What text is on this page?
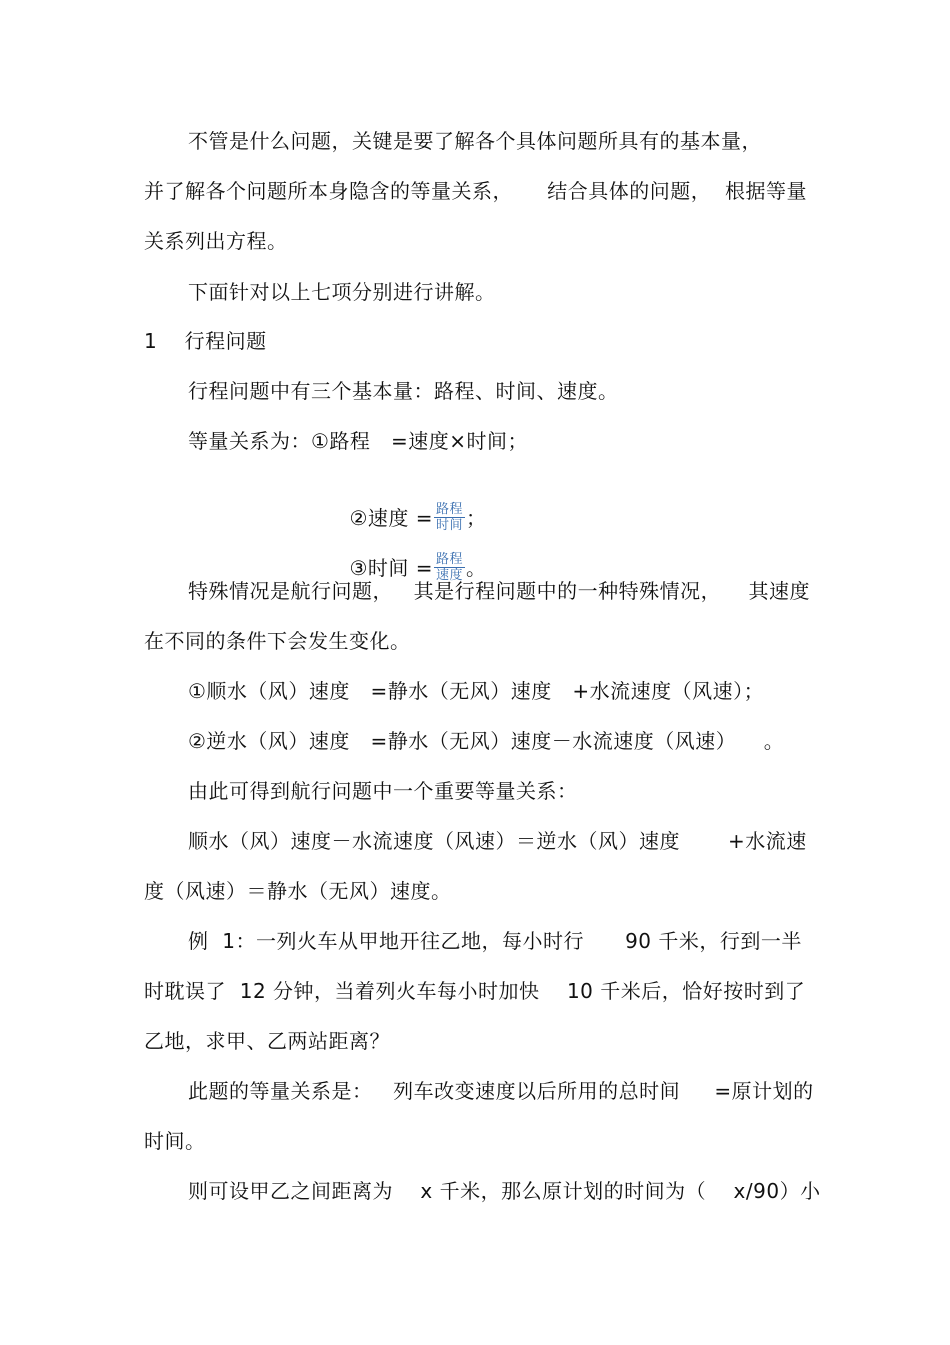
不管是什么问题，关键是要了解各个具体问题所具有的基本量，
并了解各个问题所本身隐含的等量关系，     结合具体的问题，  根据等量
关系列出方程。
下面针对以上七项分别进行讲解。
1    行程问题
行程问题中有三个基本量：路程、时间、速度。
等量关系为：①路程   =速度×时间；

②速度 = $\frac{\text{路程}}{\text{时间}}$ ；

③时间 = $\frac{\text{路程}}{\text{速度}}$ 。

特殊情况是航行问题，   其是行程问题中的一种特殊情况，    其速度
在不同的条件下会发生变化。
①顺水（风）速度   =静水（无风）速度   +水流速度（风速）；
②逆水（风）速度   =静水（无风）速度－水流速度（风速）    。
由此可得到航行问题中一个重要等量关系：
顺水（风）速度－水流速度（风速）＝逆水（风）速度       +水流速
度（风速）＝静水（无风）速度。
例  1：一列火车从甲地开往乙地，每小时行      90 千米，行到一半
时耽误了  12 分钟，当着列火车每小时加快    10 千米后，恰好按时到了
乙地，求甲、乙两站距离？
此题的等量关系是：   列车改变速度以后所用的总时间     =原计划的
时间。
则可设甲乙之间距离为    x 千米，那么原计划的时间为（    x/90）小
